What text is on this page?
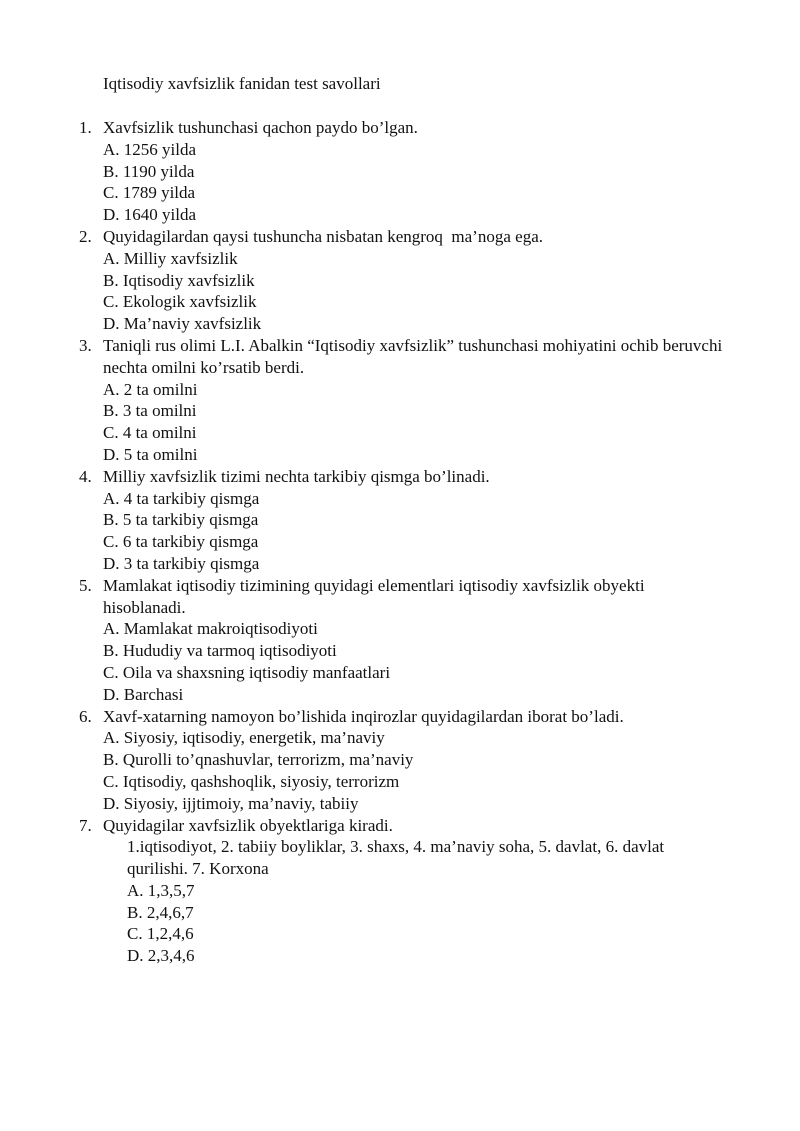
Iqtisodiy xavfsizlik fanidan test savollari
1. Xavfsizlik tushunchasi qachon paydo bo’lgan.
A. 1256 yilda
B. 1190 yilda
C. 1789 yilda
D. 1640 yilda
2. Quyidagilardan qaysi tushuncha nisbatan kengroq  ma’noga ega.
A. Milliy xavfsizlik
B. Iqtisodiy xavfsizlik
C. Ekologik xavfsizlik
D. Ma’naviy xavfsizlik
3. Taniqli rus olimi L.I. Abalkin “Iqtisodiy xavfsizlik” tushunchasi mohiyatini ochib beruvchi nechta omilni ko’rsatib berdi.
A. 2 ta omilni
B. 3 ta omilni
C. 4 ta omilni
D. 5 ta omilni
4. Milliy xavfsizlik tizimi nechta tarkibiy qismga bo’linadi.
A. 4 ta tarkibiy qismga
B. 5 ta tarkibiy qismga
C. 6 ta tarkibiy qismga
D. 3 ta tarkibiy qismga
5. Mamlakat iqtisodiy tizimining quyidagi elementlari iqtisodiy xavfsizlik obyekti hisoblanadi.
A. Mamlakat makroiqtisodiyoti
B. Hududiy va tarmoq iqtisodiyoti
C. Oila va shaxsning iqtisodiy manfaatlari
D. Barchasi
6. Xavf-xatarning namoyon bo’lishida inqirozlar quyidagilardan iborat bo’ladi.
A. Siyosiy, iqtisodiy, energetik, ma’naviy
B. Qurolli to’qnashuvlar, terrorizm, ma’naviy
C. Iqtisodiy, qashshoqlik, siyosiy, terrorizm
D. Siyosiy, ijjtimoiy, ma’naviy, tabiiy
7. Quyidagilar xavfsizlik obyektlariga kiradi.
1.iqtisodiyot, 2. tabiiy boyliklar, 3. shaxs, 4. ma’naviy soha, 5. davlat, 6. davlat qurilishi. 7. Korxona
A. 1,3,5,7
B. 2,4,6,7
C. 1,2,4,6
D. 2,3,4,6
